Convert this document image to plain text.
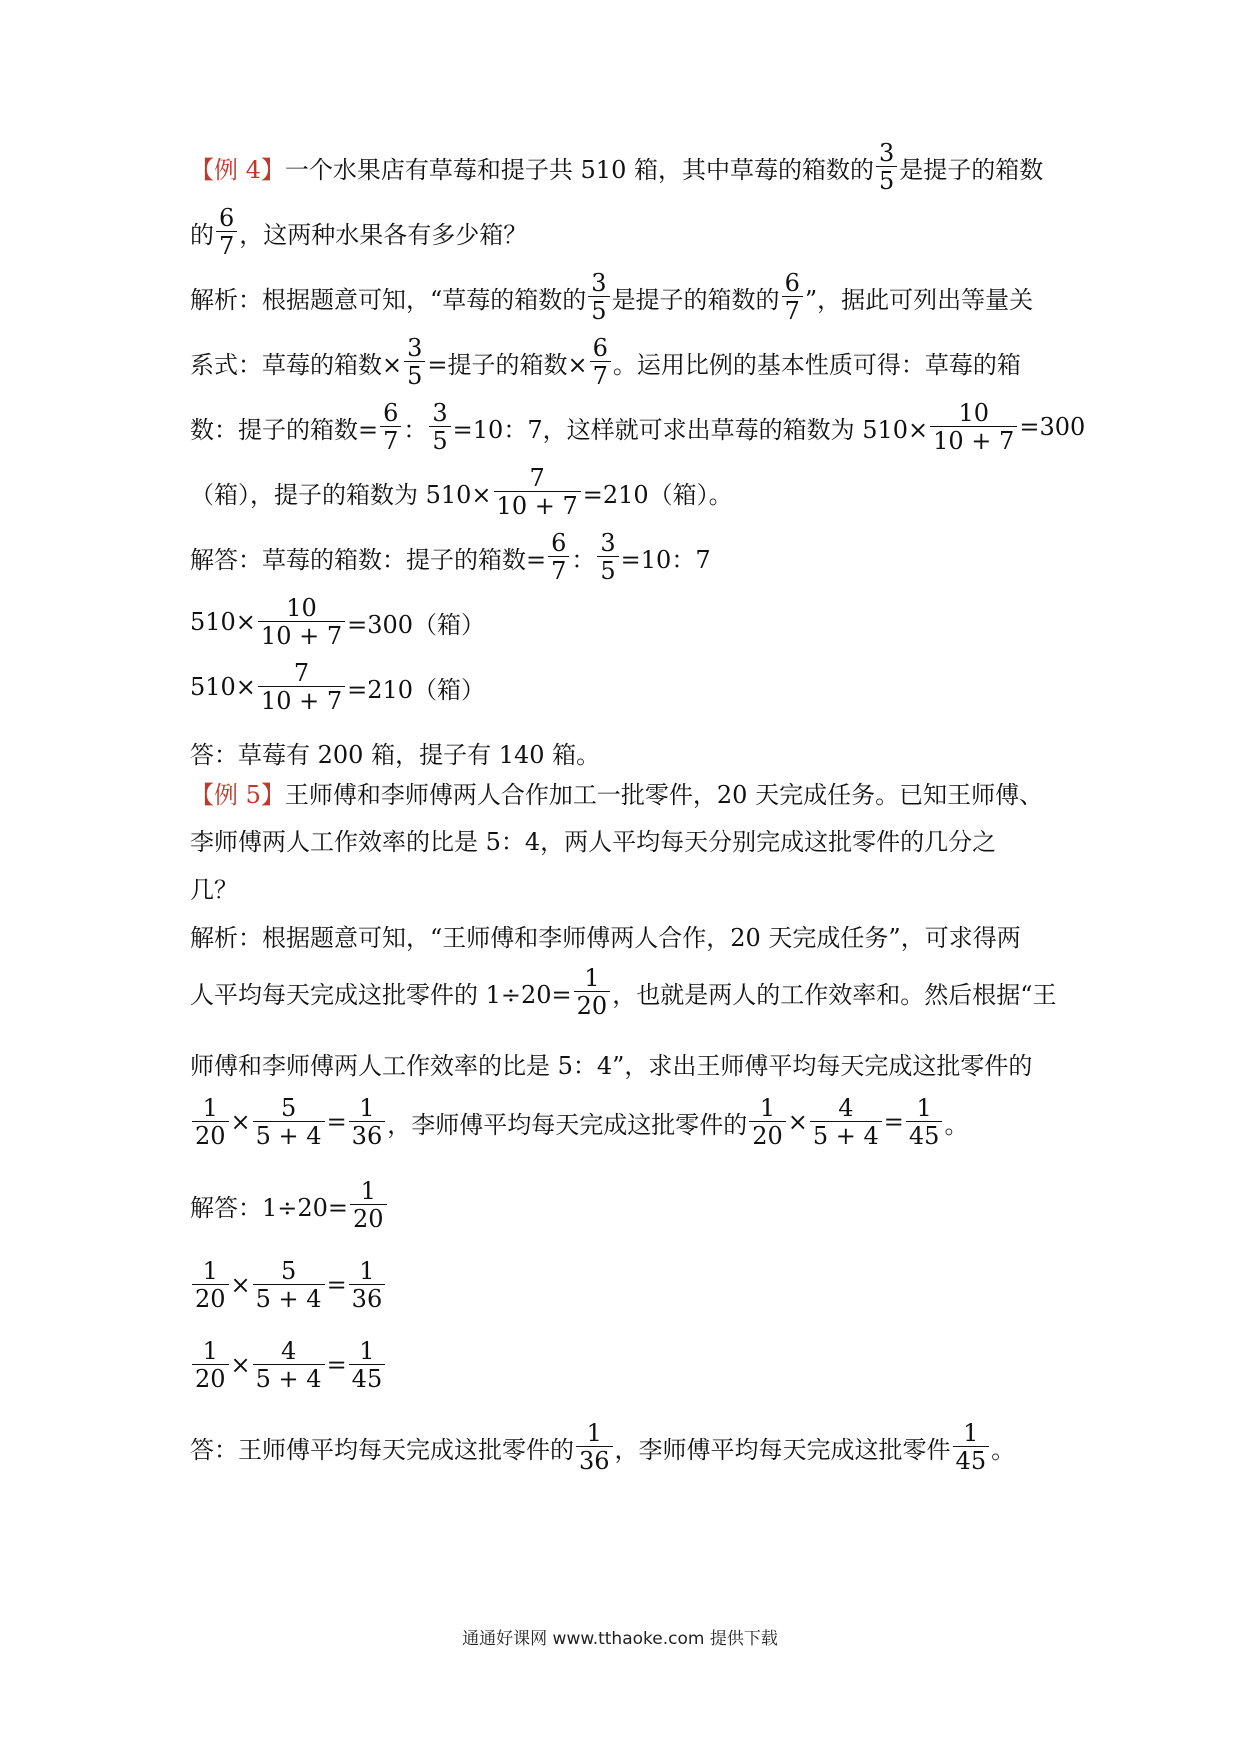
【例 4】 一个水果店有草莓和提子共 510 箱，其中草莓的箱数的 $\frac{3}{5}$ 是提子的箱数
的 $\frac{6}{7}$ ，这两种水果各有多少箱？
解析：根据题意可知，“草莓的箱数的 $\frac{3}{5}$ 是提子的箱数的 $\frac{6}{7}$ ”，据此可列出等量关
系式：草莓的箱数× $\frac{3}{5}$ =提子的箱数× $\frac{6}{7}$ 。运用比例的基本性质可得：草莓的箱
数：提子的箱数= $\frac{6}{7}$ ： $\frac{3}{5} =10$：7，这样就可求出草莓的箱数为 $510\times \frac{10}{10 + 7} =300$
（箱），提子的箱数为 $510\times \frac{7}{10 + 7} =210$（箱）。
解答：草莓的箱数：提子的箱数= $\frac{6}{7}$ ： $\frac{3}{5} =10$：7
$510\times \frac{10}{10 + 7} =300$（箱）
$510\times \frac{7}{10 + 7} =210$（箱）
答：草莓有 200 箱，提子有 140 箱。
【例 5】 王师傅和李师傅两人合作加工一批零件，20 天完成任务。已知王师傅、
李师傅两人工作效率的比是 5：4，两人平均每天分别完成这批零件的几分之
几？
解析：根据题意可知，“王师傅和李师傅两人合作，20 天完成任务”，可求得两
人平均每天完成这批零件的 $1\div 20= \frac{1}{20}$ ，也就是两人的工作效率和。然后根据“王
师傅和李师傅两人工作效率的比是 5：4”，求出王师傅平均每天完成这批零件的
$\frac{1}{20} \times \frac{5}{5 + 4} = \frac{1}{36}$ ，李师傅平均每天完成这批零件的 $\frac{1}{20} \times \frac{4}{5 + 4} = \frac{1}{45}$ 。
解答：$1\div 20= \frac{1}{20}$
$\frac{1}{20} \times \frac{5}{5 + 4} = \frac{1}{36}$
$\frac{1}{20} \times \frac{4}{5 + 4} = \frac{1}{45}$
答：王师傅平均每天完成这批零件的 $\frac{1}{36}$ ，李师傅平均每天完成这批零件 $\frac{1}{45}$ 。
通通好课网 www.tthaoke.com 提供下载
